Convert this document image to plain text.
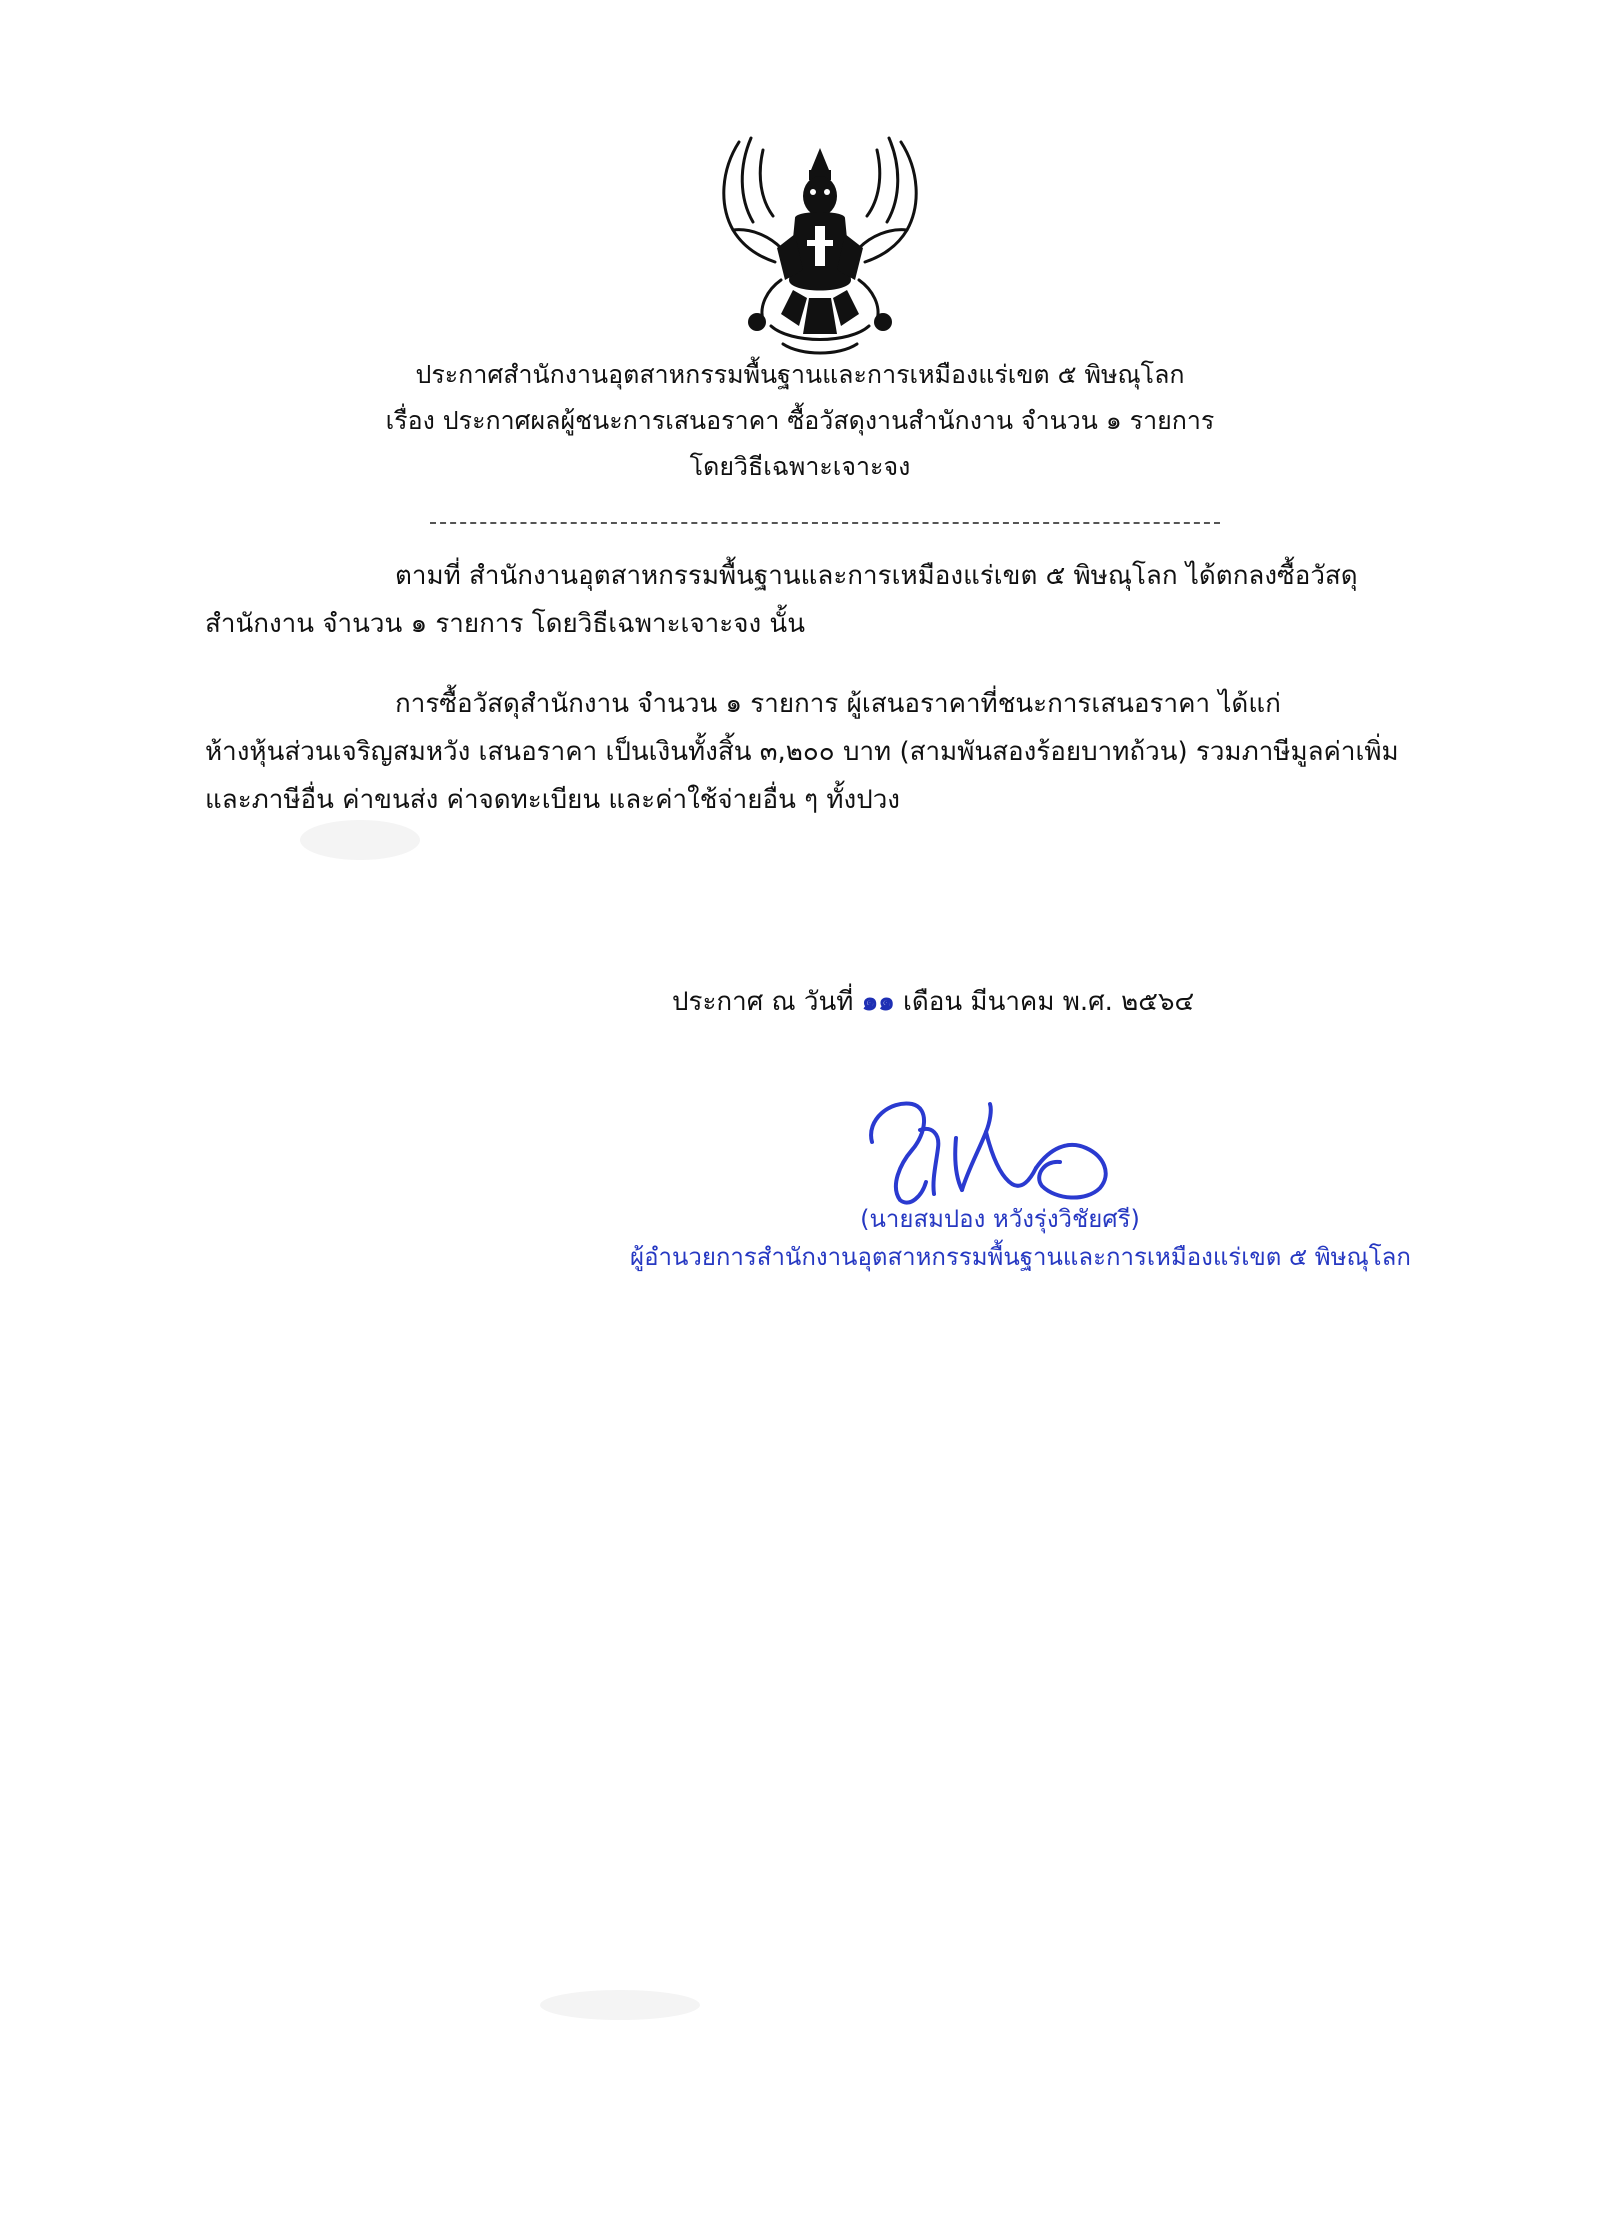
ประกาศสำนักงานอุตสาหกรรมพื้นฐานและการเหมืองแร่เขต ๕ พิษณุโลก
เรื่อง ประกาศผลผู้ชนะการเสนอราคา ซื้อวัสดุงานสำนักงาน จำนวน ๑ รายการ
โดยวิธีเฉพาะเจาะจง
ตามที่ สำนักงานอุตสาหกรรมพื้นฐานและการเหมืองแร่เขต ๕ พิษณุโลก ได้ตกลงซื้อวัสดุ
สำนักงาน จำนวน ๑ รายการ โดยวิธีเฉพาะเจาะจง นั้น
การซื้อวัสดุสำนักงาน จำนวน ๑ รายการ ผู้เสนอราคาที่ชนะการเสนอราคา ได้แก่
ห้างหุ้นส่วนเจริญสมหวัง เสนอราคา เป็นเงินทั้งสิ้น ๓,๒๐๐ บาท (สามพันสองร้อยบาทถ้วน) รวมภาษีมูลค่าเพิ่ม
และภาษีอื่น ค่าขนส่ง ค่าจดทะเบียน และค่าใช้จ่ายอื่น ๆ ทั้งปวง
ประกาศ ณ วันที่ ๑๑ เดือน มีนาคม พ.ศ. ๒๕๖๔
(นายสมปอง หวังรุ่งวิชัยศรี)
ผู้อำนวยการสำนักงานอุตสาหกรรมพื้นฐานและการเหมืองแร่เขต ๕ พิษณุโลก
